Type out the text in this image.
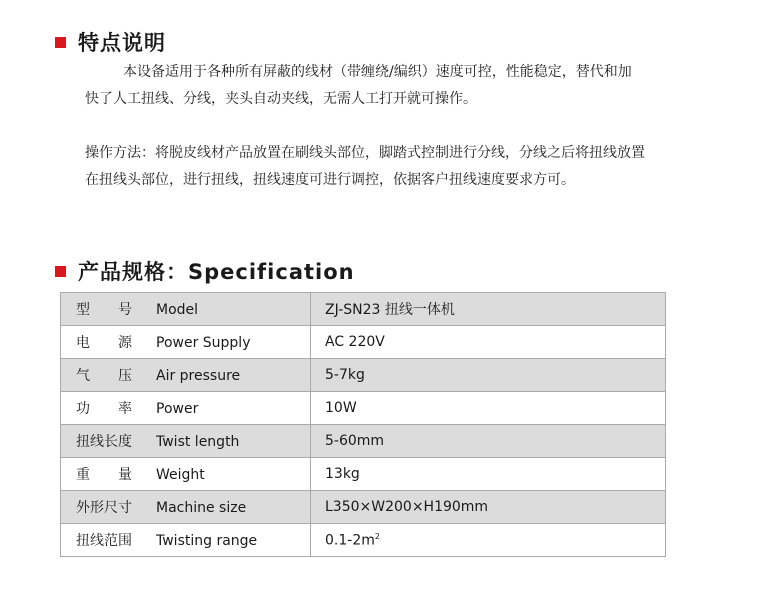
特点说明

本设备适用于各种所有屏蔽的线材（带缠绕/编织）速度可控，性能稳定，替代和加快了人工扭线、分线，夹头自动夹线，无需人工打开就可操作。

操作方法：将脱皮线材产品放置在刷线头部位，脚踏式控制进行分线，分线之后将扭线放置在扭线头部位，进行扭线，扭线速度可进行调控，依据客户扭线速度要求方可。

产品规格：Specification
型　　号 Model	ZJ-SN23 扭线一体机
电　　源 Power Supply	AC 220V
气　　压 Air pressure	5-7kg
功　　率 Power	10W
扭线长度 Twist length	5-60mm
重　　量 Weight	13kg
外形尺寸 Machine size	L350×W200×H190mm
扭线范围 Twisting range	$0.1-2m^2$
